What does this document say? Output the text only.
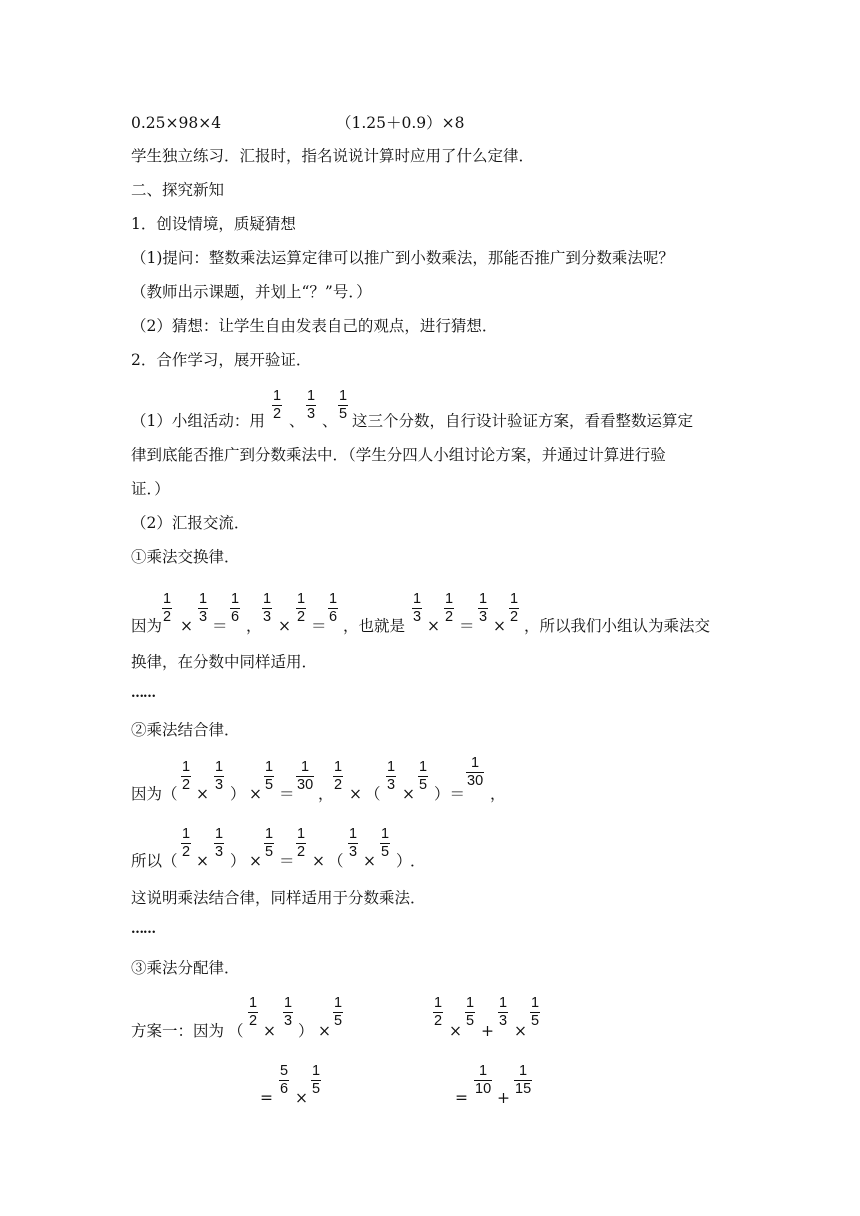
0.25×98×4	（1.25＋0.9）×8
学生独立练习．汇报时，指名说说计算时应用了什么定律．
二、探究新知
1．创设情境，质疑猜想
（1)提问：整数乘法运算定律可以推广到小数乘法，那能否推广到分数乘法呢？
（教师出示课题，并划上“？”号．）
（2）猜想：让学生自由发表自己的观点，进行猜想．
2．合作学习，展开验证．
（1）小组活动：用
1
2 、
1
3 、
1
5 这三个分数，自行设计验证方案，看看整数运算定
律到底能否推广到分数乘法中．（学生分四人小组讨论方案，并通过计算进行验
证．）
（2）汇报交流．
①乘法交换律．
因为
1
2 ×
1
3 ＝
1
6 ，
1
3 ×
1
2 ＝
1
6 ，也就是
1
3 ×
1
2 ＝
1
3 ×
1
2 ，所以我们小组认为乘法交
换律，在分数中同样适用．
……
②乘法结合律．
因为 （
1
2 ×
1
3 ） ×
1
5 ＝
1
30 ，
1
2 × （
1
3 ×
1
5 ）＝
1
30
，
所以 （
1
2 ×
1
3 ） ×
1
5 ＝
1
2 × （
1
3 ×
1
5 ）
．
这说明乘法结合律，同样适用于分数乘法．
……
③乘法分配律．
方案一：因为 （
1
2
×
1
3
） ×
1
5
1
2
×
1
5
+
1
3
×
1
5
=
5
6 ×
1
5	=
1
10 +
1
15
